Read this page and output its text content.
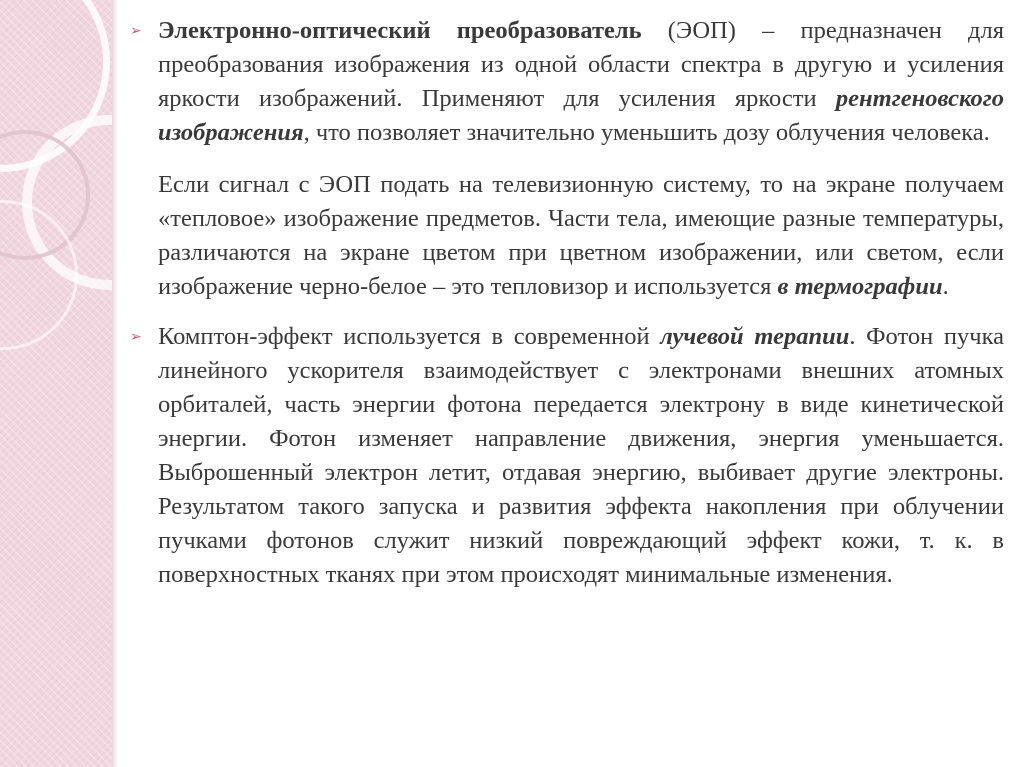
➢ Электронно-оптический преобразователь (ЭОП) – предназначен для преобразования изображения из одной области спектра в другую и усиления яркости изображений. Применяют для усиления яркости рентгеновского изображения, что позволяет значительно уменьшить дозу облучения человека.

Если сигнал с ЭОП подать на телевизионную систему, то на экране получаем «тепловое» изображение предметов. Части тела, имеющие разные температуры, различаются на экране цветом при цветном изображении, или светом, если изображение черно-белое – это тепловизор и используется в термографии.

➢ Комптон-эффект используется в современной лучевой терапии. Фотон пучка линейного ускорителя взаимодействует с электронами внешних атомных орбиталей, часть энергии фотона передается электрону в виде кинетической энергии. Фотон изменяет направление движения, энергия уменьшается. Выброшенный электрон летит, отдавая энергию, выбивает другие электроны. Результатом такого запуска и развития эффекта накопления при облучении пучками фотонов служит низкий повреждающий эффект кожи, т. к. в поверхностных тканях при этом происходят минимальные изменения.
